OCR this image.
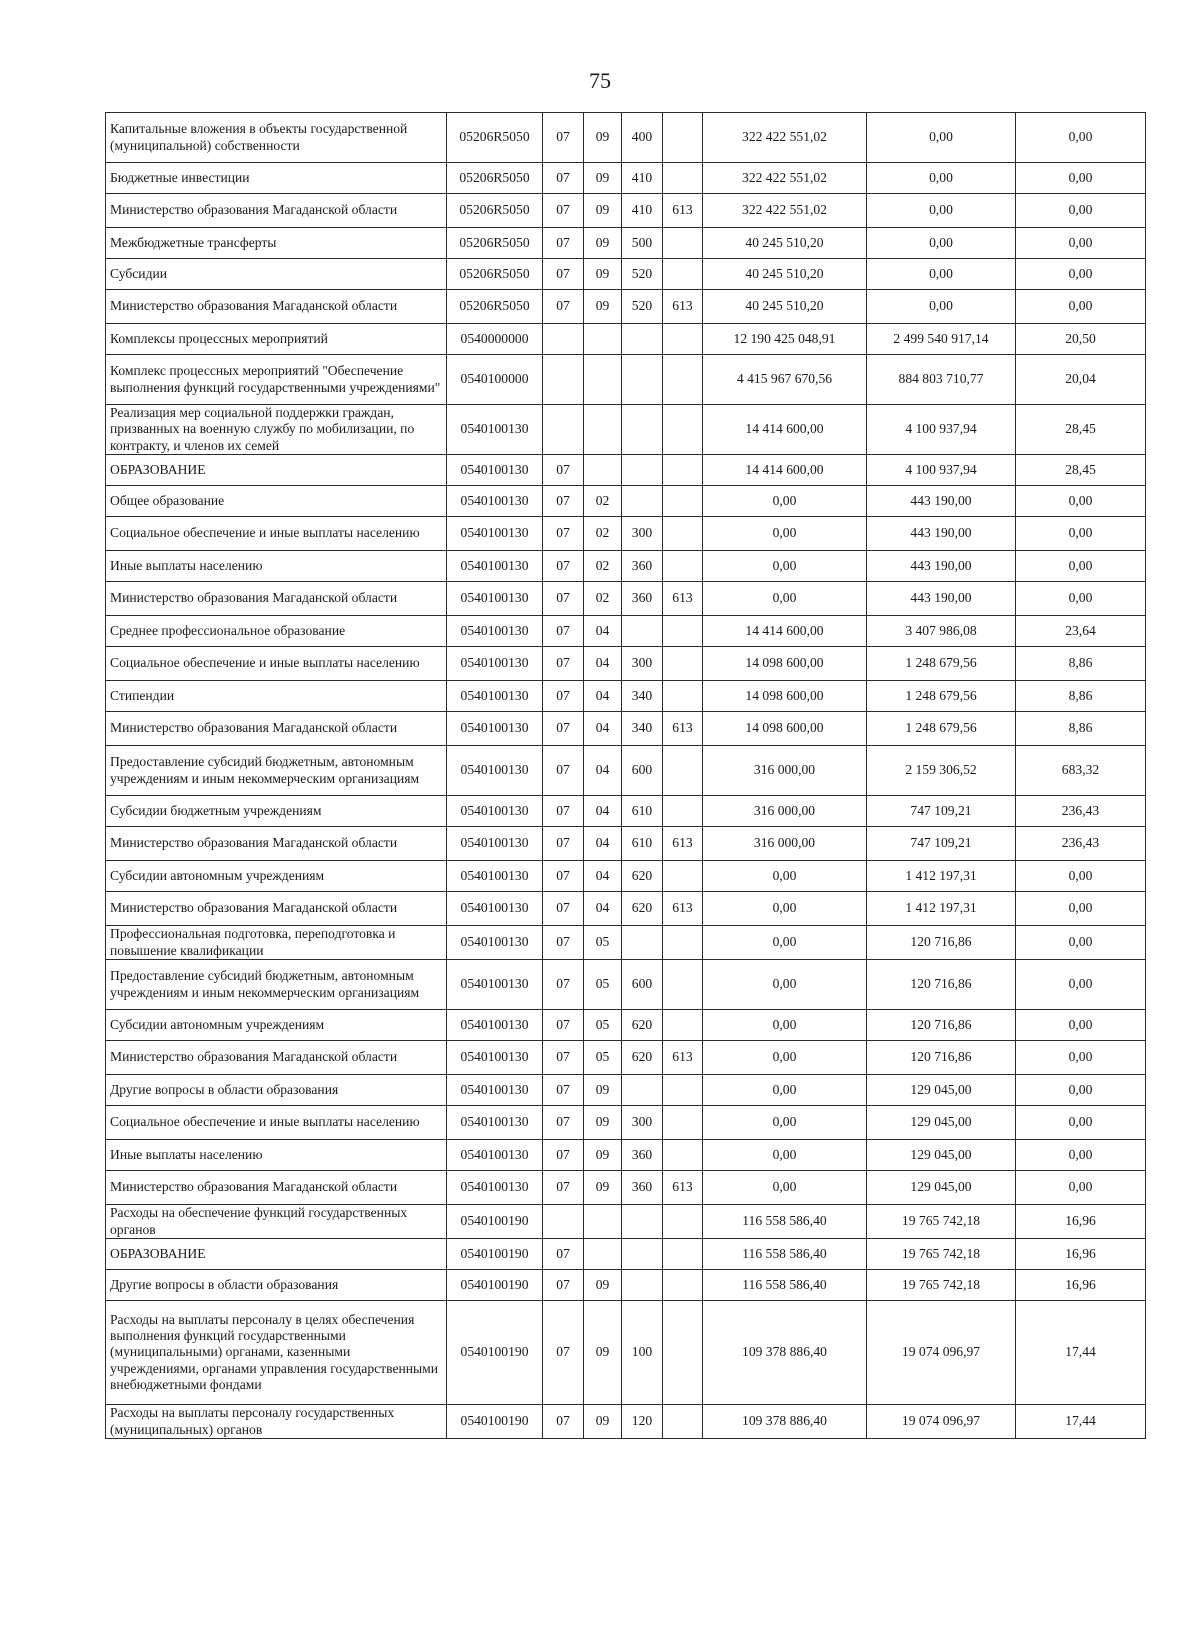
75
Капитальные вложения в объекты государственной (муниципальной) собственности	05206R5050	07	09	400		322 422 551,02	0,00	0,00
Бюджетные инвестиции	05206R5050	07	09	410		322 422 551,02	0,00	0,00
Министерство образования Магаданской области	05206R5050	07	09	410	613	322 422 551,02	0,00	0,00
Межбюджетные трансферты	05206R5050	07	09	500		40 245 510,20	0,00	0,00
Субсидии	05206R5050	07	09	520		40 245 510,20	0,00	0,00
Министерство образования Магаданской области	05206R5050	07	09	520	613	40 245 510,20	0,00	0,00
Комплексы процессных мероприятий	0540000000					12 190 425 048,91	2 499 540 917,14	20,50
Комплекс процессных мероприятий "Обеспечение выполнения функций государственными учреждениями"	0540100000					4 415 967 670,56	884 803 710,77	20,04
Реализация мер социальной поддержки граждан, призванных на военную службу по мобилизации, по контракту, и членов их семей	0540100130					14 414 600,00	4 100 937,94	28,45
ОБРАЗОВАНИЕ	0540100130	07				14 414 600,00	4 100 937,94	28,45
Общее образование	0540100130	07	02			0,00	443 190,00	0,00
Социальное обеспечение и иные выплаты населению	0540100130	07	02	300		0,00	443 190,00	0,00
Иные выплаты населению	0540100130	07	02	360		0,00	443 190,00	0,00
Министерство образования Магаданской области	0540100130	07	02	360	613	0,00	443 190,00	0,00
Среднее профессиональное образование	0540100130	07	04			14 414 600,00	3 407 986,08	23,64
Социальное обеспечение и иные выплаты населению	0540100130	07	04	300		14 098 600,00	1 248 679,56	8,86
Стипендии	0540100130	07	04	340		14 098 600,00	1 248 679,56	8,86
Министерство образования Магаданской области	0540100130	07	04	340	613	14 098 600,00	1 248 679,56	8,86
Предоставление субсидий бюджетным, автономным учреждениям и иным некоммерческим организациям	0540100130	07	04	600		316 000,00	2 159 306,52	683,32
Субсидии бюджетным учреждениям	0540100130	07	04	610		316 000,00	747 109,21	236,43
Министерство образования Магаданской области	0540100130	07	04	610	613	316 000,00	747 109,21	236,43
Субсидии автономным учреждениям	0540100130	07	04	620		0,00	1 412 197,31	0,00
Министерство образования Магаданской области	0540100130	07	04	620	613	0,00	1 412 197,31	0,00
Профессиональная подготовка, переподготовка и повышение квалификации	0540100130	07	05			0,00	120 716,86	0,00
Предоставление субсидий бюджетным, автономным учреждениям и иным некоммерческим организациям	0540100130	07	05	600		0,00	120 716,86	0,00
Субсидии автономным учреждениям	0540100130	07	05	620		0,00	120 716,86	0,00
Министерство образования Магаданской области	0540100130	07	05	620	613	0,00	120 716,86	0,00
Другие вопросы в области образования	0540100130	07	09			0,00	129 045,00	0,00
Социальное обеспечение и иные выплаты населению	0540100130	07	09	300		0,00	129 045,00	0,00
Иные выплаты населению	0540100130	07	09	360		0,00	129 045,00	0,00
Министерство образования Магаданской области	0540100130	07	09	360	613	0,00	129 045,00	0,00
Расходы на обеспечение функций государственных органов	0540100190					116 558 586,40	19 765 742,18	16,96
ОБРАЗОВАНИЕ	0540100190	07				116 558 586,40	19 765 742,18	16,96
Другие вопросы в области образования	0540100190	07	09			116 558 586,40	19 765 742,18	16,96
Расходы на выплаты персоналу в целях обеспечения выполнения функций государственными (муниципальными) органами, казенными учреждениями, органами управления государственными внебюджетными фондами	0540100190	07	09	100		109 378 886,40	19 074 096,97	17,44
Расходы на выплаты персоналу государственных (муниципальных) органов	0540100190	07	09	120		109 378 886,40	19 074 096,97	17,44
